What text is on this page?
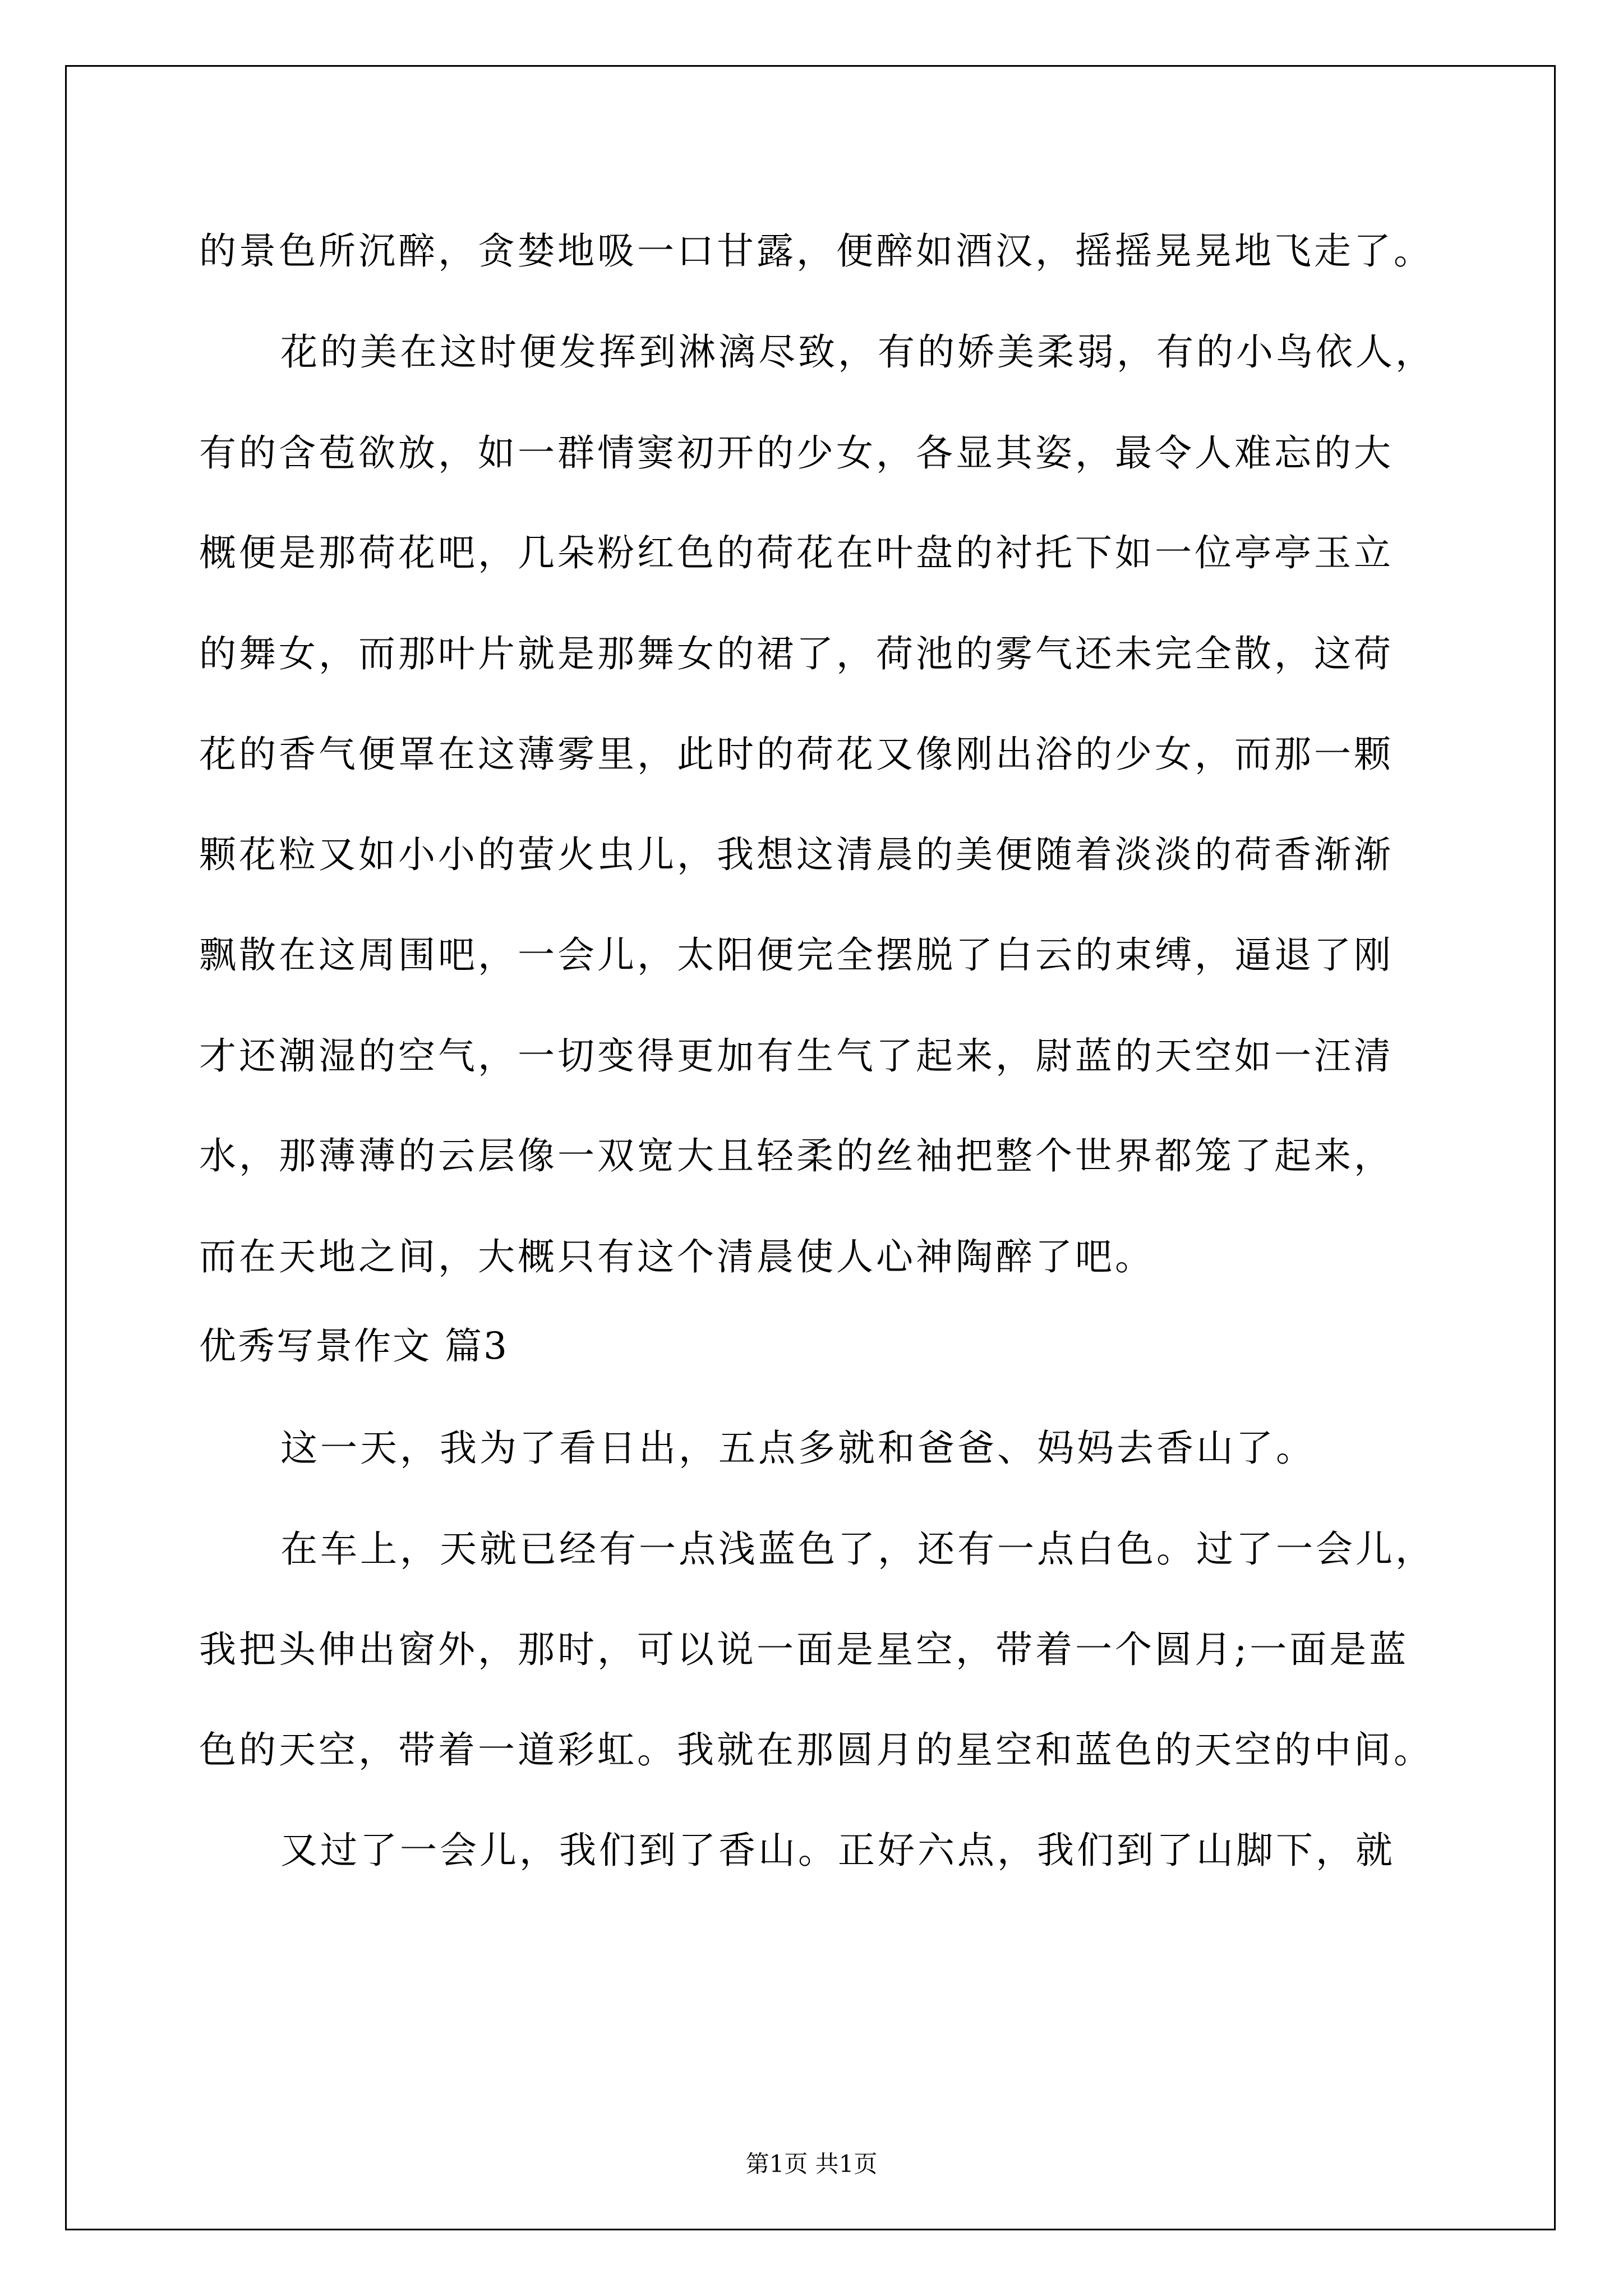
的景色所沉醉，贪婪地吸一口甘露，便醉如酒汉，摇摇晃晃地飞走了。
花的美在这时便发挥到淋漓尽致，有的娇美柔弱，有的小鸟依人，
有的含苞欲放，如一群情窦初开的少女，各显其姿，最令人难忘的大
概便是那荷花吧，几朵粉红色的荷花在叶盘的衬托下如一位亭亭玉立
的舞女，而那叶片就是那舞女的裙了，荷池的雾气还未完全散，这荷
花的香气便罩在这薄雾里，此时的荷花又像刚出浴的少女，而那一颗
颗花粒又如小小的萤火虫儿，我想这清晨的美便随着淡淡的荷香渐渐
飘散在这周围吧，一会儿，太阳便完全摆脱了白云的束缚，逼退了刚
才还潮湿的空气，一切变得更加有生气了起来，尉蓝的天空如一汪清
水，那薄薄的云层像一双宽大且轻柔的丝袖把整个世界都笼了起来，
而在天地之间，大概只有这个清晨使人心神陶醉了吧。
优秀写景作文 篇3
这一天，我为了看日出，五点多就和爸爸、妈妈去香山了。
在车上，天就已经有一点浅蓝色了，还有一点白色。过了一会儿，
我把头伸出窗外，那时，可以说一面是星空，带着一个圆月;一面是蓝
色的天空，带着一道彩虹。我就在那圆月的星空和蓝色的天空的中间。
又过了一会儿，我们到了香山。正好六点，我们到了山脚下，就
第1页 共1页
